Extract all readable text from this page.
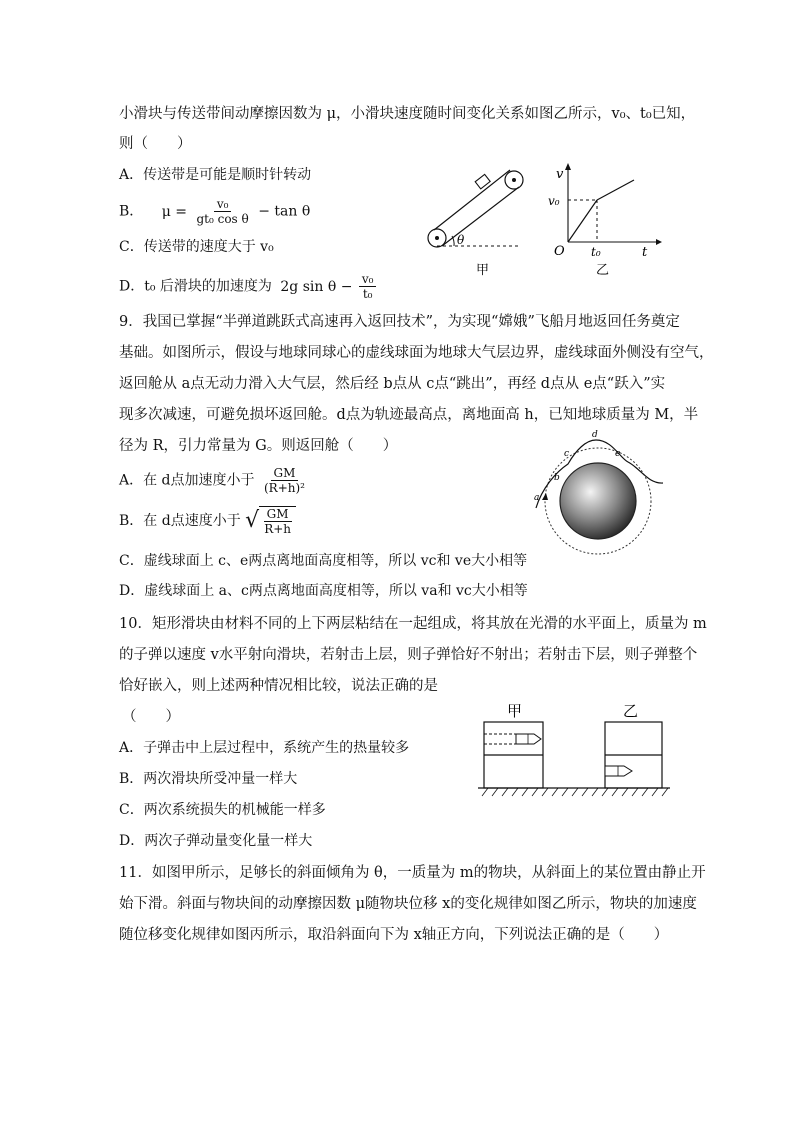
小滑块与传送带间动摩擦因数为 μ，小滑块速度随时间变化关系如图乙所示，v₀、t₀已知，
则（　　）
A．传送带是可能是顺时针转动
B． $\mu = \frac{\text{v₀}}{\text{gt₀ cos θ}} - \tan \theta$
C．传送带的速度大于 v₀
D．t₀ 后滑块的加速度为 2g $\sin \theta - \frac{\text{v₀}}{\text{t₀}}$
θ
甲
v
v₀
O t₀	t
乙
9．我国已掌握“半弹道跳跃式高速再入返回技术”，为实现“嫦娥”飞船月地返回任务奠定
基础。如图所示，假设与地球同球心的虚线球面为地球大气层边界，虚线球面外侧没有空气，
返回舱从 a点无动力滑入大气层，然后经 b点从 c点“跳出”，再经 d点从 e点“跃入”实
现多次减速，可避免损坏返回舱。d点为轨迹最高点，离地面高 h，已知地球质量为 M，半
径为 R，引力常量为 G。则返回舱（　　）
A．在 d点加速度小于 $\frac{GM}{\text{(R+h)²}}$
B．在 d点速度小于 √ $\frac{GM}{R+h}$
C．虚线球面上 c、e两点离地面高度相等，所以 vc和 ve大小相等
D．虚线球面上 a、c两点离地面高度相等，所以 va和 vc大小相等
a
b
c
d
e
10．矩形滑块由材料不同的上下两层粘结在一起组成，将其放在光滑的水平面上，质量为 m
的子弹以速度 v水平射向滑块，若射击上层，则子弹恰好不射出；若射击下层，则子弹整个
恰好嵌入，则上述两种情况相比较，说法正确的是
（　　）
A．子弹击中上层过程中，系统产生的热量较多
B．两次滑块所受冲量一样大
C．两次系统损失的机械能一样多
D．两次子弹动量变化量一样大
甲	乙
11．如图甲所示，足够长的斜面倾角为 θ，一质量为 m的物块，从斜面上的某位置由静止开
始下滑。斜面与物块间的动摩擦因数 μ随物块位移 x的变化规律如图乙所示，物块的加速度
随位移变化规律如图丙所示，取沿斜面向下为 x轴正方向，下列说法正确的是（　　）
